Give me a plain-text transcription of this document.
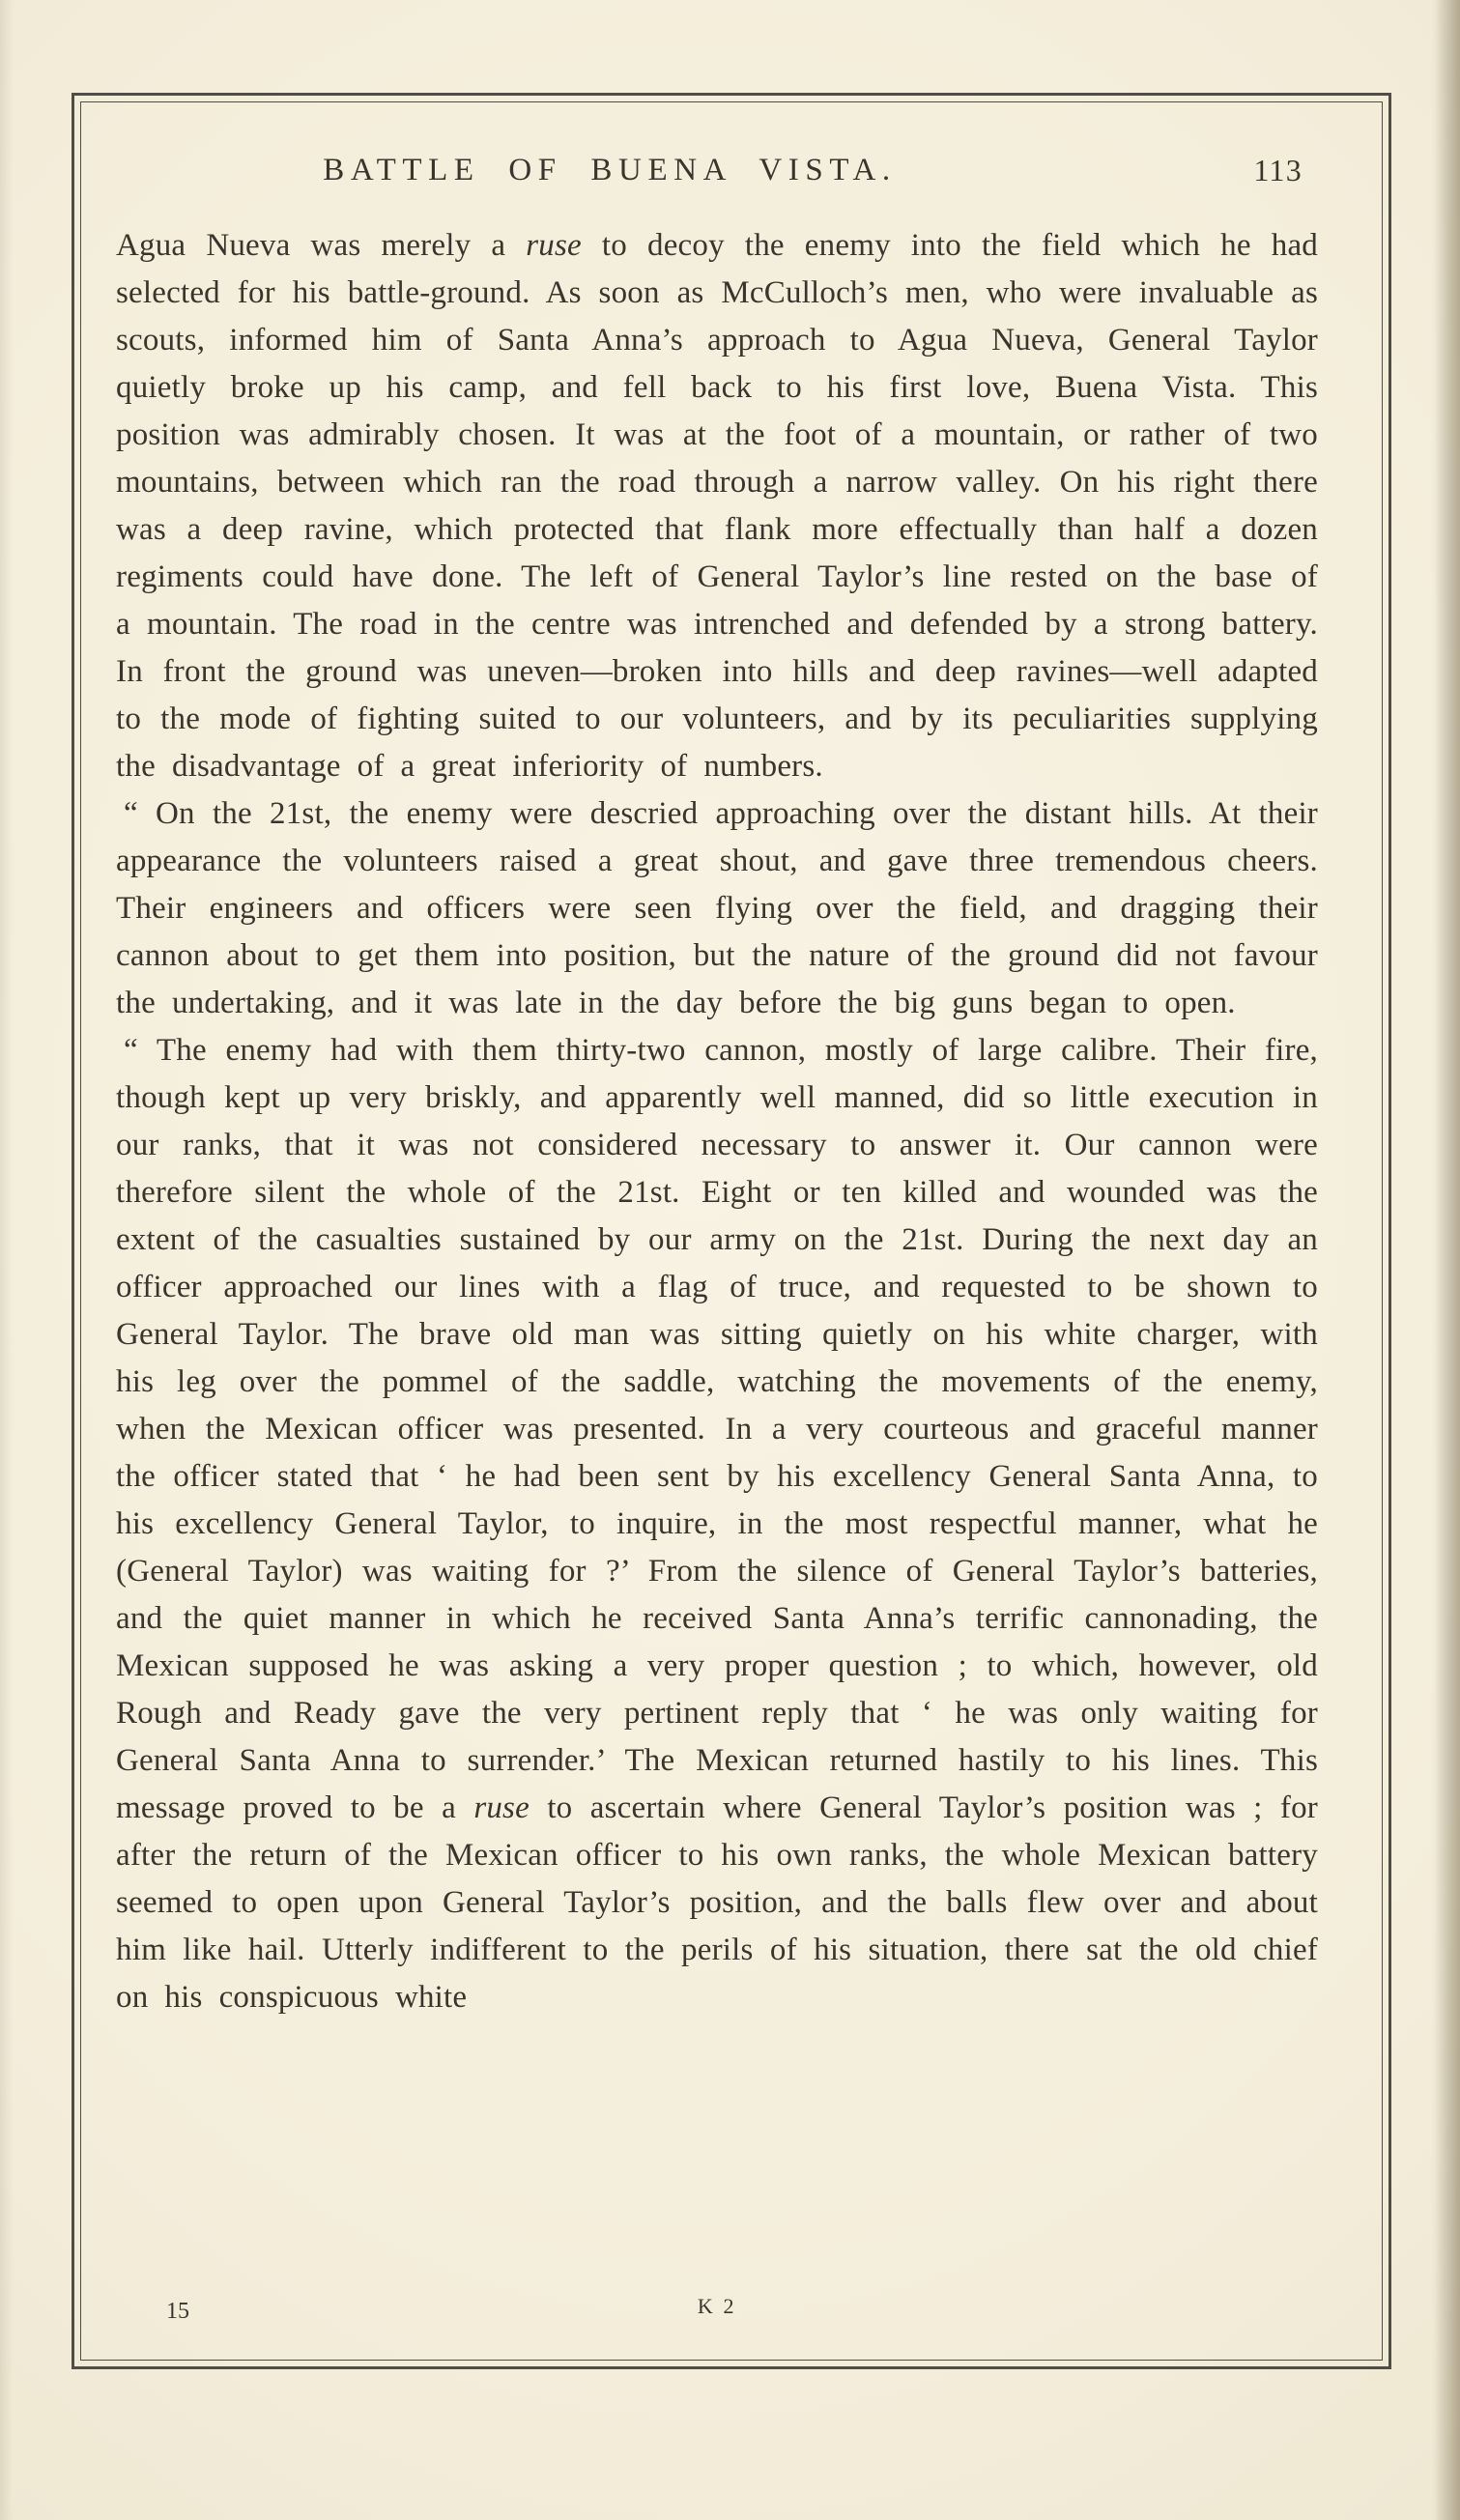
BATTLE OF BUENA VISTA.	113

Agua Nueva was merely a ruse to decoy the enemy into the field which he had selected for his battle-ground. As soon as McCulloch’s men, who were invaluable as scouts, informed him of Santa Anna’s approach to Agua Nueva, General Taylor quietly broke up his camp, and fell back to his first love, Buena Vista. This position was admirably chosen. It was at the foot of a mountain, or rather of two mountains, between which ran the road through a narrow valley. On his right there was a deep ravine, which protected that flank more effectually than half a dozen regiments could have done. The left of General Taylor’s line rested on the base of a mountain. The road in the centre was intrenched and defended by a strong battery. In front the ground was uneven—broken into hills and deep ravines—well adapted to the mode of fighting suited to our volunteers, and by its peculiarities supplying the disadvantage of a great inferiority of numbers.

“ On the 21st, the enemy were descried approaching over the distant hills. At their appearance the volunteers raised a great shout, and gave three tremendous cheers. Their engineers and officers were seen flying over the field, and dragging their cannon about to get them into position, but the nature of the ground did not favour the undertaking, and it was late in the day before the big guns began to open.

“ The enemy had with them thirty-two cannon, mostly of large calibre. Their fire, though kept up very briskly, and apparently well manned, did so little execution in our ranks, that it was not considered necessary to answer it. Our cannon were therefore silent the whole of the 21st. Eight or ten killed and wounded was the extent of the casualties sustained by our army on the 21st. During the next day an officer approached our lines with a flag of truce, and requested to be shown to General Taylor. The brave old man was sitting quietly on his white charger, with his leg over the pommel of the saddle, watching the movements of the enemy, when the Mexican officer was presented. In a very courteous and graceful manner the officer stated that ‘ he had been sent by his excellency General Santa Anna, to his excellency General Taylor, to inquire, in the most respectful manner, what he (General Taylor) was waiting for ?’ From the silence of General Taylor’s batteries, and the quiet manner in which he received Santa Anna’s terrific cannonading, the Mexican supposed he was asking a very proper question ; to which, however, old Rough and Ready gave the very pertinent reply that ‘ he was only waiting for General Santa Anna to surrender.’ The Mexican returned hastily to his lines. This message proved to be a ruse to ascertain where General Taylor’s position was ; for after the return of the Mexican officer to his own ranks, the whole Mexican battery seemed to open upon General Taylor’s position, and the balls flew over and about him like hail. Utterly indifferent to the perils of his situation, there sat the old chief on his conspicuous white

15	K 2
